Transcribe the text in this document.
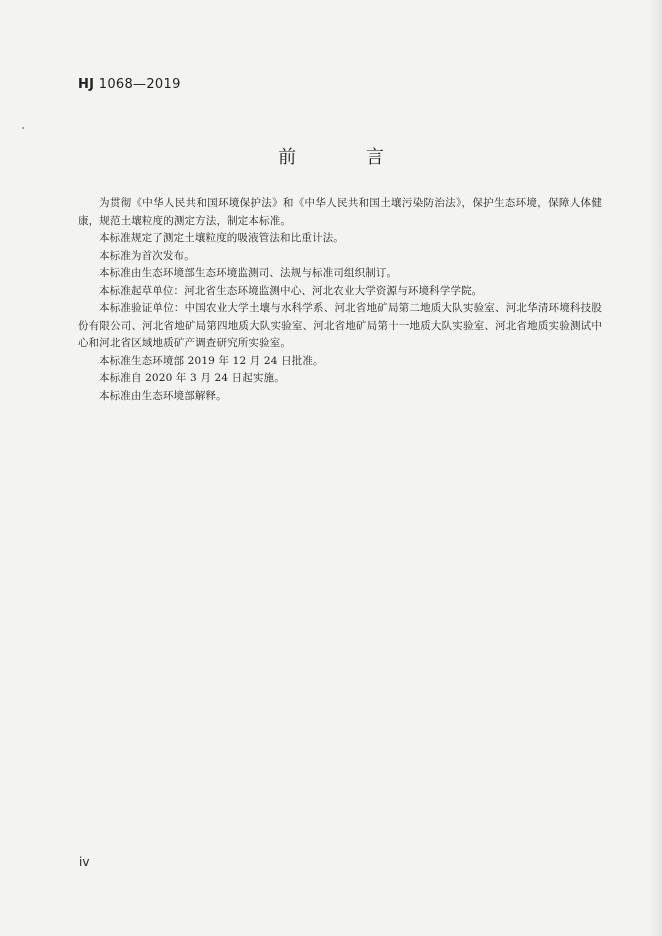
HJ 1068—2019
前 言

为贯彻《中华人民共和国环境保护法》和《中华人民共和国土壤污染防治法》，保护生态环境，保障人体健康，规范土壤粒度的测定方法，制定本标准。

本标准规定了测定土壤粒度的吸液管法和比重计法。

本标准为首次发布。

本标准由生态环境部生态环境监测司、法规与标准司组织制订。

本标准起草单位：河北省生态环境监测中心、河北农业大学资源与环境科学学院。

本标准验证单位：中国农业大学土壤与水科学系、河北省地矿局第二地质大队实验室、河北华清环境科技股份有限公司、河北省地矿局第四地质大队实验室、河北省地矿局第十一地质大队实验室、河北省地质实验测试中心和河北省区域地质矿产调查研究所实验室。

本标准生态环境部 2019 年 12 月 24 日批准。

本标准自 2020 年 3 月 24 日起实施。

本标准由生态环境部解释。

iv
